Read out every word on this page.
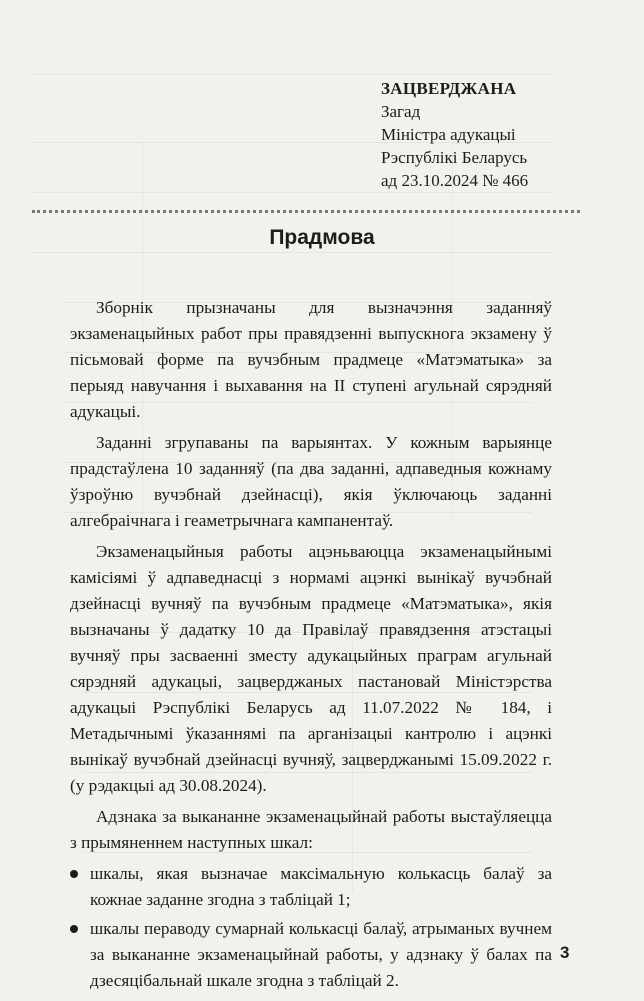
ЗАЦВЕРДЖАНА
Загад
Міністра адукацыі
Рэспублікі Беларусь
ад 23.10.2024 № 466
Прадмова

Зборнік прызначаны для вызначэння заданняў экзаменацыйных работ пры правядзенні выпускнога экзамену ў пісьмовай форме па вучэбным прадмеце «Матэматыка» за перыяд навучання і выхавання на II ступені агульнай сярэдняй адукацыі.

Заданні згрупаваны па варыянтах. У кожным варыянце прадстаўлена 10 заданняў (па два заданні, адпаведныя кожнаму ўзроўню вучэбнай дзейнасці), якія ўключаюць заданні алгебраічнага і геаметрычнага кампанентаў.

Экзаменацыйныя работы ацэньваюцца экзаменацыйнымі камісіямі ў адпаведнасці з нормамі ацэнкі вынікаў вучэбнай дзейнасці вучняў па вучэбным прадмеце «Матэматыка», якія вызначаны ў дадатку 10 да Правілаў правядзення атэстацыі вучняў пры засваенні зместу адукацыйных праграм агульнай сярэдняй адукацыі, зацверджаных пастановай Міністэрства адукацыі Рэспублікі Беларусь ад 11.07.2022 № 184, і Метадычнымі ўказаннямі па арганізацыі кантролю і ацэнкі вынікаў вучэбнай дзейнасці вучняў, зацверджанымі 15.09.2022 г. (у рэдакцыі ад 30.08.2024).

Адзнака за выкананне экзаменацыйнай работы выстаўляецца з прымяненнем наступных шкал:

шкалы, якая вызначае максімальную колькасць балаў за кожнае заданне згодна з табліцай 1;
шкалы пераводу сумарнай колькасці балаў, атрыманых вучнем за выкананне экзаменацыйнай работы, у адзнаку ў балах па дзесяцібальнай шкале згодна з табліцай 2.
3
